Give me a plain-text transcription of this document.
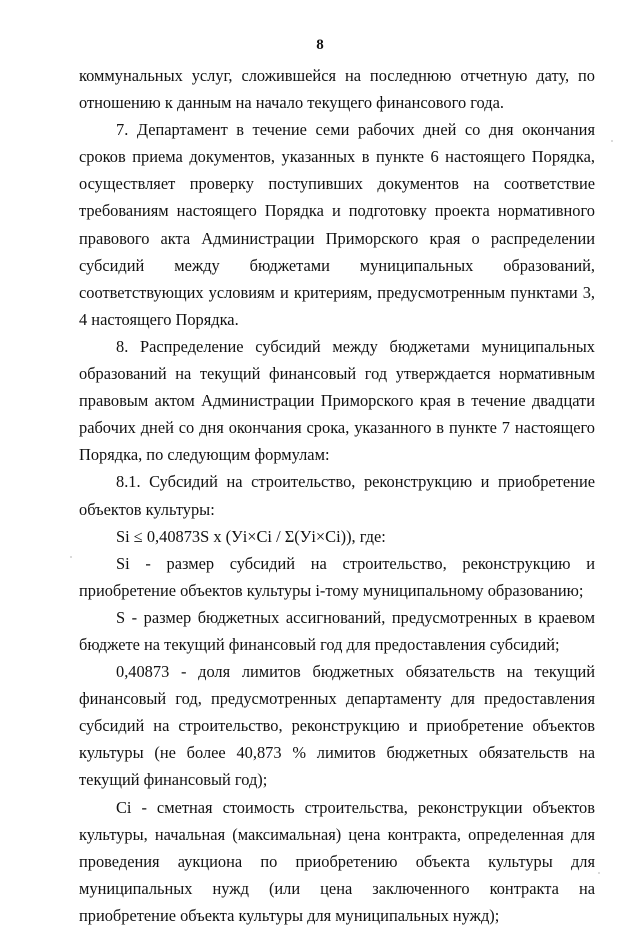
8

коммунальных услуг, сложившейся на последнюю отчетную дату, по отношению к данным на начало текущего финансового года.

7. Департамент в течение семи рабочих дней со дня окончания сроков приема документов, указанных в пункте 6 настоящего Порядка, осуществляет проверку поступивших документов на соответствие требованиям настоящего Порядка и подготовку проекта нормативного правового акта Администрации Приморского края о распределении субсидий между бюджетами муниципальных образований, соответствующих условиям и критериям, предусмотренным пунктами 3, 4 настоящего Порядка.

8. Распределение субсидий между бюджетами муниципальных образований на текущий финансовый год утверждается нормативным правовым актом Администрации Приморского края в течение двадцати рабочих дней со дня окончания срока, указанного в пункте 7 настоящего Порядка, по следующим формулам:

8.1. Субсидий на строительство, реконструкцию и приобретение объектов культуры:

Si ≤ 0,40873S х (Уi×Ci / Σ(Уi×Ci)), где:

Si - размер субсидий на строительство, реконструкцию и приобретение объектов культуры i-тому муниципальному образованию;

S - размер бюджетных ассигнований, предусмотренных в краевом бюджете на текущий финансовый год для предоставления субсидий;

0,40873 - доля лимитов бюджетных обязательств на текущий финансовый год, предусмотренных департаменту для предоставления субсидий на строительство, реконструкцию и приобретение объектов культуры (не более 40,873 % лимитов бюджетных обязательств на текущий финансовый год);

Ci - сметная стоимость строительства, реконструкции объектов культуры, начальная (максимальная) цена контракта, определенная для проведения аукциона по приобретению объекта культуры для муниципальных нужд (или цена заключенного контракта на приобретение объекта культуры для муниципальных нужд);
